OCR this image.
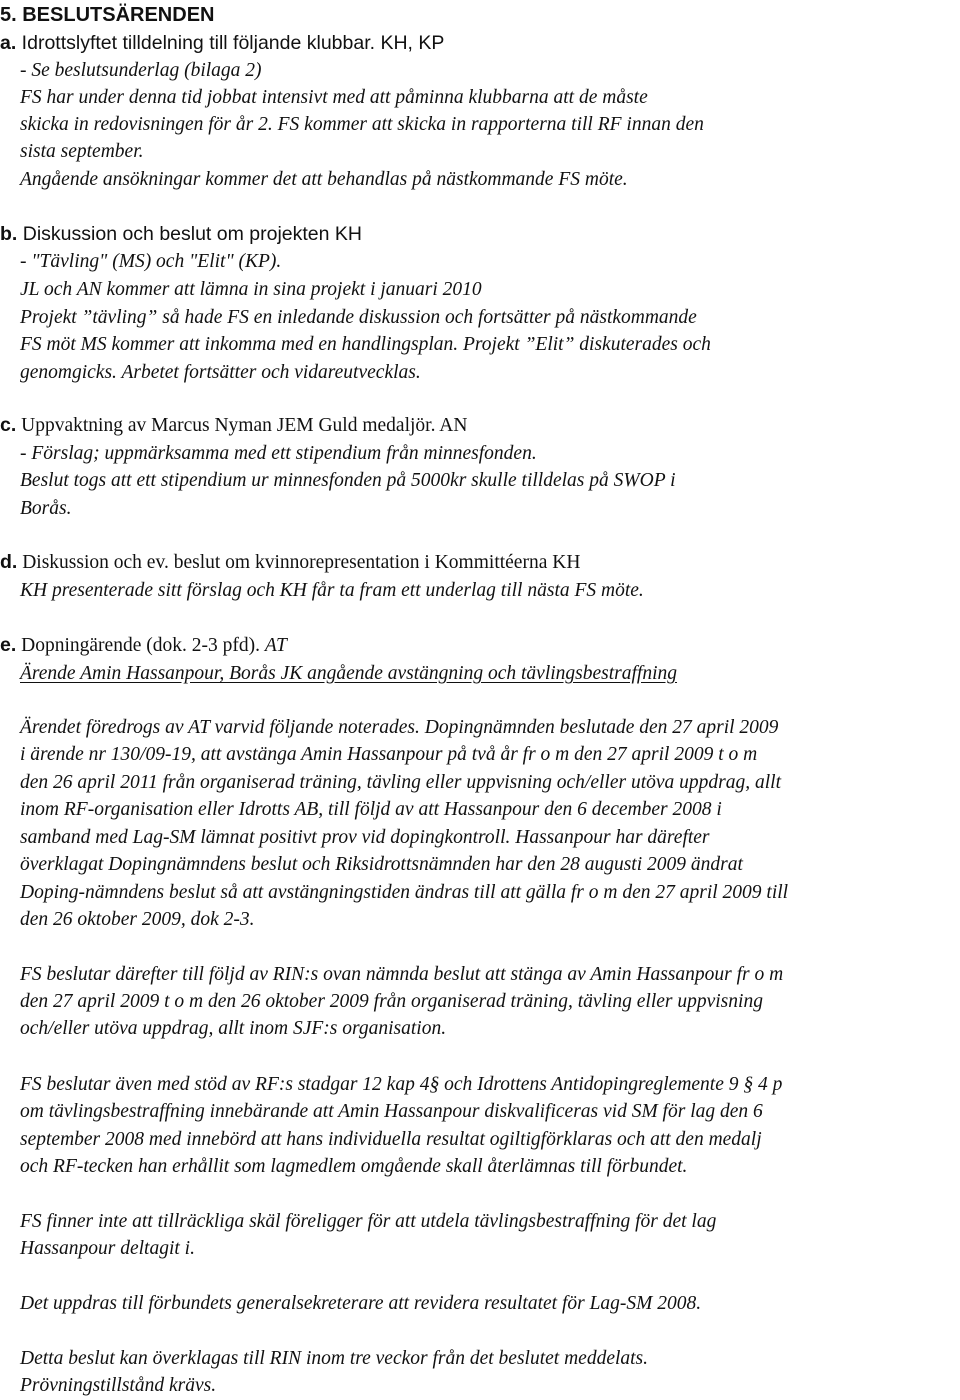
5. BESLUTSÄRENDEN
a. Idrottslyftet tilldelning till följande klubbar. KH, KP
- Se beslutsunderlag (bilaga 2)
FS har under denna tid jobbat intensivt med att påminna klubbarna att de måste
skicka in redovisningen för år 2. FS kommer att skicka in rapporterna till RF innan den
sista september.
Angående ansökningar kommer det att behandlas på nästkommande FS möte.
b. Diskussion och beslut om projekten KH
- "Tävling" (MS) och "Elit" (KP).
JL och AN kommer att lämna in sina projekt i januari 2010
Projekt ”tävling” så hade FS en inledande diskussion och fortsätter på nästkommande
FS möt MS kommer att inkomma med en handlingsplan. Projekt ”Elit” diskuterades och
genomgicks. Arbetet fortsätter och vidareutvecklas.
c. Uppvaktning av Marcus Nyman JEM Guld medaljör. AN
- Förslag; uppmärksamma med ett stipendium från minnesfonden.
Beslut togs att ett stipendium ur minnesfonden på 5000kr skulle tilldelas på SWOP i
Borås.
d. Diskussion och ev. beslut om kvinnorepresentation i Kommittéerna KH
KH presenterade sitt förslag och KH får ta fram ett underlag till nästa FS möte.
e. Dopningärende (dok. 2-3 pfd). AT
Ärende Amin Hassanpour, Borås JK angående avstängning och tävlingsbestraffning
Ärendet föredrogs av AT varvid följande noterades. Dopingnämnden beslutade den 27 april 2009
i ärende nr 130/09-19, att avstänga Amin Hassanpour på två år fr o m den 27 april 2009 t o m
den 26 april 2011 från organiserad träning, tävling eller uppvisning och/eller utöva uppdrag, allt
inom RF-organisation eller Idrotts AB, till följd av att Hassanpour den 6 december 2008 i
samband med Lag-SM lämnat positivt prov vid dopingkontroll. Hassanpour har därefter
överklagat Dopingnämndens beslut och Riksidrottsnämnden har den 28 augusti 2009 ändrat
Doping-nämndens beslut så att avstängningstiden ändras till att gälla fr o m den 27 april 2009 till
den 26 oktober 2009, dok 2-3.
FS beslutar därefter till följd av RIN:s ovan nämnda beslut att stänga av Amin Hassanpour fr o m
den 27 april 2009 t o m den 26 oktober 2009 från organiserad träning, tävling eller uppvisning
och/eller utöva uppdrag, allt inom SJF:s organisation.
FS beslutar även med stöd av RF:s stadgar 12 kap 4§ och Idrottens Antidopingreglemente 9 § 4 p
om tävlingsbestraffning innebärande att Amin Hassanpour diskvalificeras vid SM för lag den 6
september 2008 med innebörd att hans individuella resultat ogiltigförklaras och att den medalj
och RF-tecken han erhållit som lagmedlem omgående skall återlämnas till förbundet.
FS finner inte att tillräckliga skäl föreligger för att utdela tävlingsbestraffning för det lag
Hassanpour deltagit i.
Det uppdras till förbundets generalsekreterare att revidera resultatet för Lag-SM 2008.
Detta beslut kan överklagas till RIN inom tre veckor från det beslutet meddelats.
Prövningstillstånd krävs.
